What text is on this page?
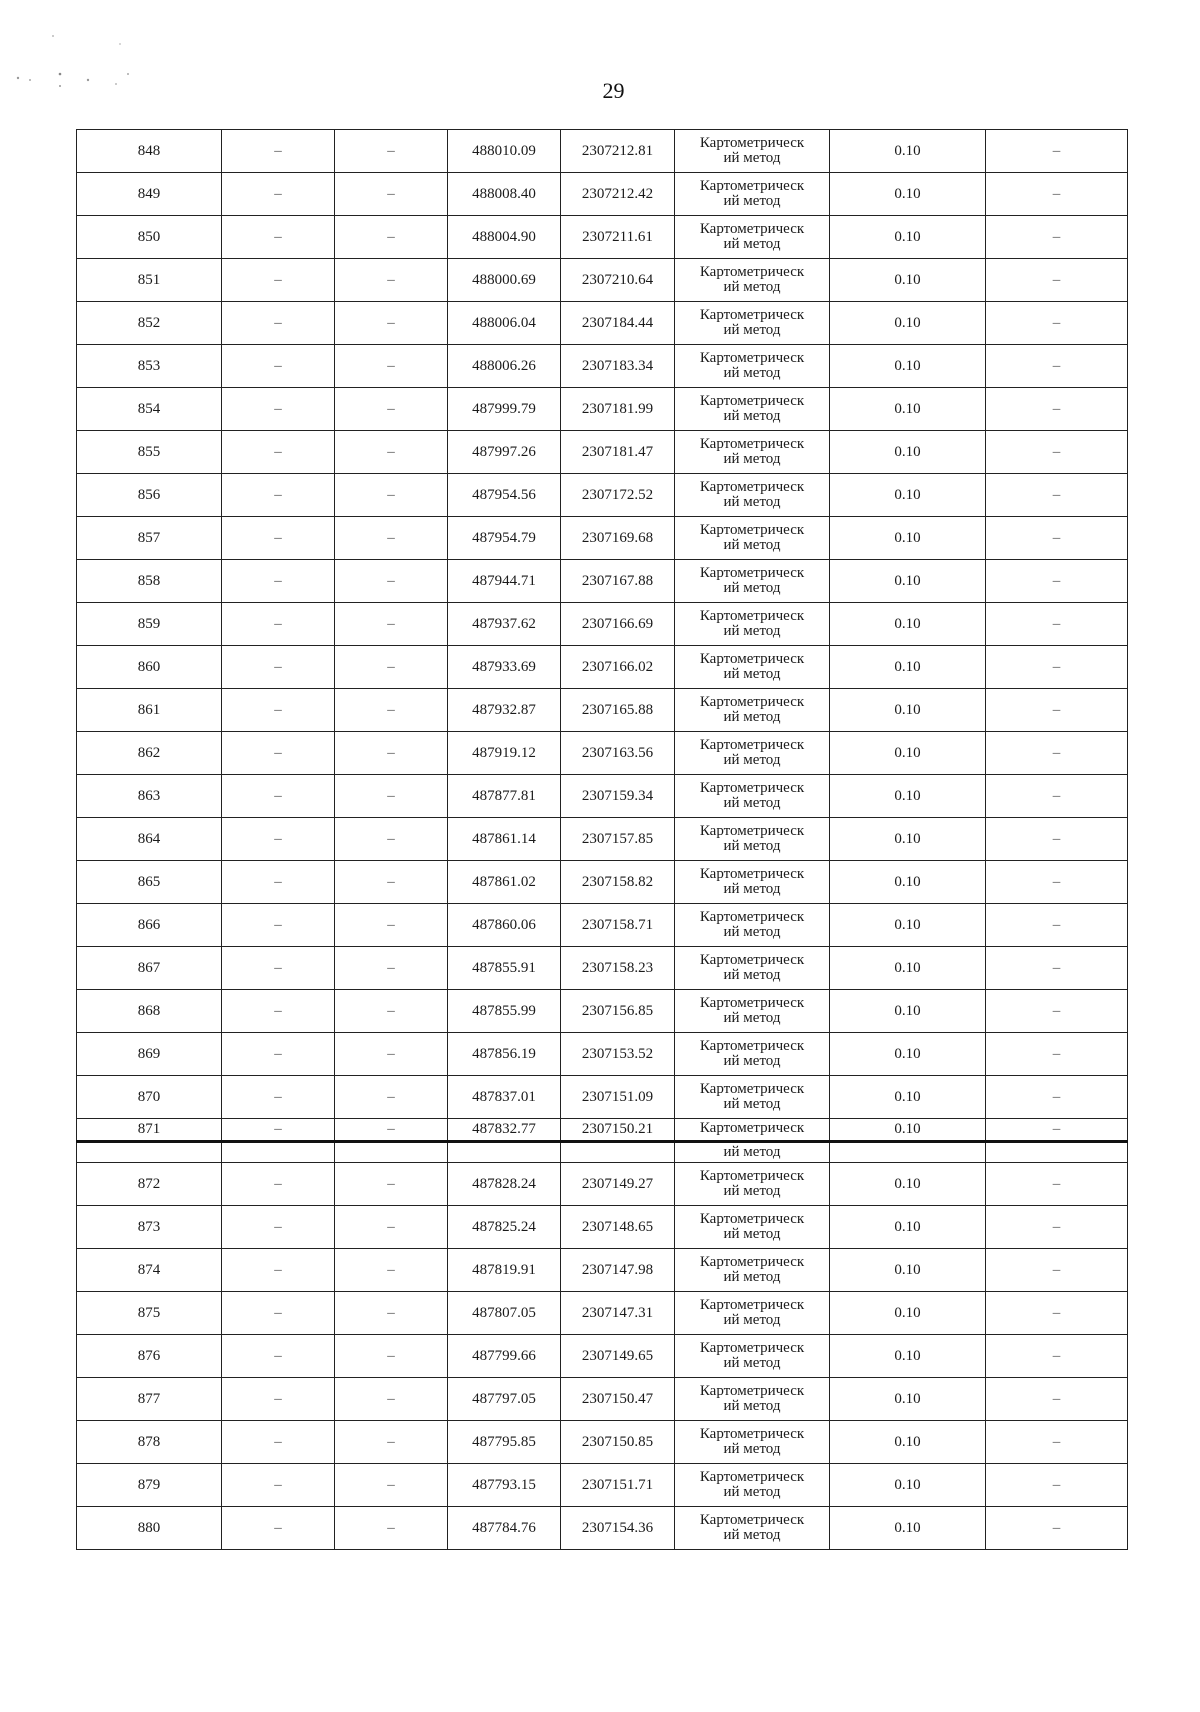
29
848	–	–	488010.09	2307212.81	Картометрическ
ий метод	0.10	–
849	–	–	488008.40	2307212.42	Картометрическ
ий метод	0.10	–
850	–	–	488004.90	2307211.61	Картометрическ
ий метод	0.10	–
851	–	–	488000.69	2307210.64	Картометрическ
ий метод	0.10	–
852	–	–	488006.04	2307184.44	Картометрическ
ий метод	0.10	–
853	–	–	488006.26	2307183.34	Картометрическ
ий метод	0.10	–
854	–	–	487999.79	2307181.99	Картометрическ
ий метод	0.10	–
855	–	–	487997.26	2307181.47	Картометрическ
ий метод	0.10	–
856	–	–	487954.56	2307172.52	Картометрическ
ий метод	0.10	–
857	–	–	487954.79	2307169.68	Картометрическ
ий метод	0.10	–
858	–	–	487944.71	2307167.88	Картометрическ
ий метод	0.10	–
859	–	–	487937.62	2307166.69	Картометрическ
ий метод	0.10	–
860	–	–	487933.69	2307166.02	Картометрическ
ий метод	0.10	–
861	–	–	487932.87	2307165.88	Картометрическ
ий метод	0.10	–
862	–	–	487919.12	2307163.56	Картометрическ
ий метод	0.10	–
863	–	–	487877.81	2307159.34	Картометрическ
ий метод	0.10	–
864	–	–	487861.14	2307157.85	Картометрическ
ий метод	0.10	–
865	–	–	487861.02	2307158.82	Картометрическ
ий метод	0.10	–
866	–	–	487860.06	2307158.71	Картометрическ
ий метод	0.10	–
867	–	–	487855.91	2307158.23	Картометрическ
ий метод	0.10	–
868	–	–	487855.99	2307156.85	Картометрическ
ий метод	0.10	–
869	–	–	487856.19	2307153.52	Картометрическ
ий метод	0.10	–
870	–	–	487837.01	2307151.09	Картометрическ
ий метод	0.10	–
871	–	–	487832.77	2307150.21	Картометрическ	0.10	–
					ий метод		
872	–	–	487828.24	2307149.27	Картометрическ
ий метод	0.10	–
873	–	–	487825.24	2307148.65	Картометрическ
ий метод	0.10	–
874	–	–	487819.91	2307147.98	Картометрическ
ий метод	0.10	–
875	–	–	487807.05	2307147.31	Картометрическ
ий метод	0.10	–
876	–	–	487799.66	2307149.65	Картометрическ
ий метод	0.10	–
877	–	–	487797.05	2307150.47	Картометрическ
ий метод	0.10	–
878	–	–	487795.85	2307150.85	Картометрическ
ий метод	0.10	–
879	–	–	487793.15	2307151.71	Картометрическ
ий метод	0.10	–
880	–	–	487784.76	2307154.36	Картометрическ
ий метод	0.10	–
